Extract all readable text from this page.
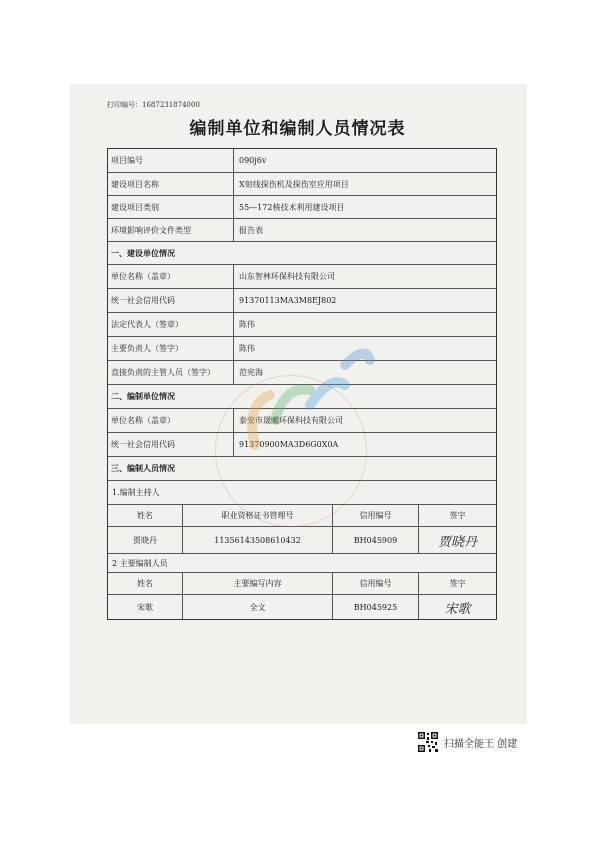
打印编号：1687231874000
编制单位和编制人员情况表
项目编号	090j6v
建设项目名称	X射线探伤机及探伤室应用项目
建设项目类别	55—172核技术利用建设项目
环境影响评价文件类型	报告表
一、建设单位情况
单位名称（盖章）	山东智林环保科技有限公司
统一社会信用代码	91370113MA3M8EJ802
法定代表人（签章）	陈伟
主要负责人（签字）	陈伟
直接负责的主管人员（签字）	范宪海
二、编制单位情况
单位名称（盖章）	泰安市晟曦环保科技有限公司
统一社会信用代码	91370900MA3D6G0X0A
三、编制人员情况
1.编制主持人
姓名	职业资格证书管理号	信用编号	签字
贾晓丹	11356143508610432	BH045909	贾晓丹
2 主要编制人员
姓名	主要编写内容	信用编号	签字
宋歌	全文	BH045925	宋歌
扫描全能王 创建
